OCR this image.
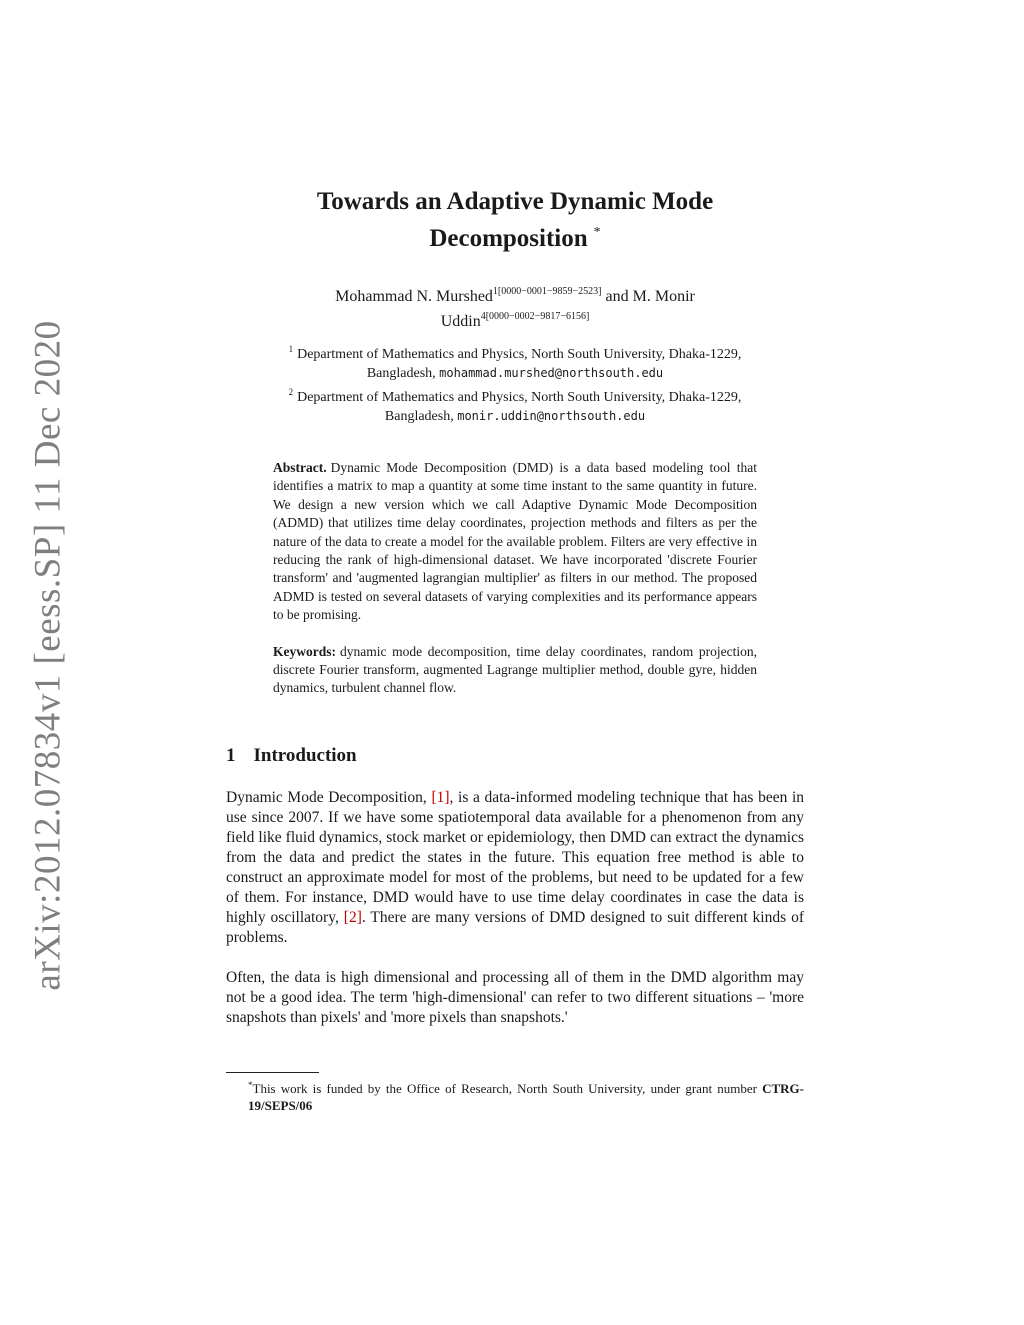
arXiv:2012.07834v1 [eess.SP] 11 Dec 2020
Towards an Adaptive Dynamic Mode
Decomposition *
Mohammad N. Murshed$^{1[0000-0001-9859-2523]}$ and M. Monir
Uddin$^{4[0000-0002-9817-6156]}$
$^1$ Department of Mathematics and Physics, North South University, Dhaka-1229,
Bangladesh, mohammad.murshed@northsouth.edu
$^2$ Department of Mathematics and Physics, North South University, Dhaka-1229,
Bangladesh, monir.uddin@northsouth.edu

Abstract. Dynamic Mode Decomposition (DMD) is a data based modeling tool that identifies a matrix to map a quantity at some time instant to the same quantity in future. We design a new version which we call Adaptive Dynamic Mode Decomposition (ADMD) that utilizes time delay coordinates, projection methods and filters as per the nature of the data to create a model for the available problem. Filters are very effective in reducing the rank of high-dimensional dataset. We have incorporated 'discrete Fourier transform' and 'augmented lagrangian multiplier' as filters in our method. The proposed ADMD is tested on several datasets of varying complexities and its performance appears to be promising.

Keywords: dynamic mode decomposition, time delay coordinates, random projection, discrete Fourier transform, augmented Lagrange multiplier method, double gyre, hidden dynamics, turbulent channel flow.

1 Introduction

Dynamic Mode Decomposition, [1], is a data-informed modeling technique that has been in use since 2007. If we have some spatiotemporal data available for a phenomenon from any field like fluid dynamics, stock market or epidemiology, then DMD can extract the dynamics from the data and predict the states in the future. This equation free method is able to construct an approximate model for most of the problems, but need to be updated for a few of them. For instance, DMD would have to use time delay coordinates in case the data is highly oscillatory, [2]. There are many versions of DMD designed to suit different kinds of problems.

Often, the data is high dimensional and processing all of them in the DMD algorithm may not be a good idea. The term 'high-dimensional' can refer to two different situations – 'more snapshots than pixels' and 'more pixels than snapshots.'

*This work is funded by the Office of Research, North South University, under grant number CTRG-19/SEPS/06
